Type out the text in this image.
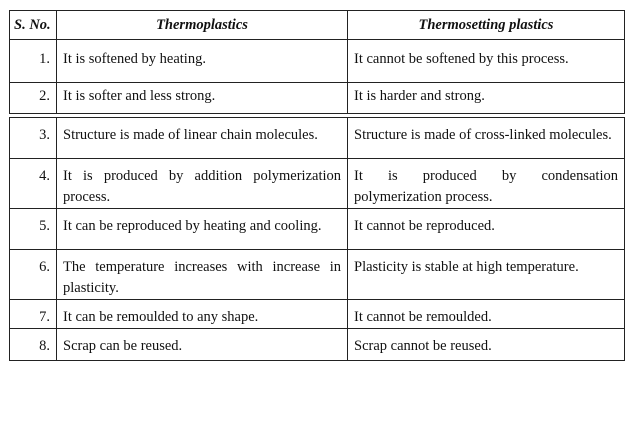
S. No.	Thermoplastics	Thermosetting plastics
1.	It is softened by heating.	It cannot be softened by this process.
2.	It is softer and less strong.	It is harder and strong.
3.	Structure is made of linear chain molecules.	Structure is made of cross-linked molecules.
4.	It is produced by addition polymerization process.	It is produced by condensation polymerization process.
5.	It can be reproduced by heating and cooling.	It cannot be reproduced.
6.	The temperature increases with increase in plasticity.	Plasticity is stable at high temperature.
7.	It can be remoulded to any shape.	It cannot be remoulded.
8.	Scrap can be reused.	Scrap cannot be reused.
